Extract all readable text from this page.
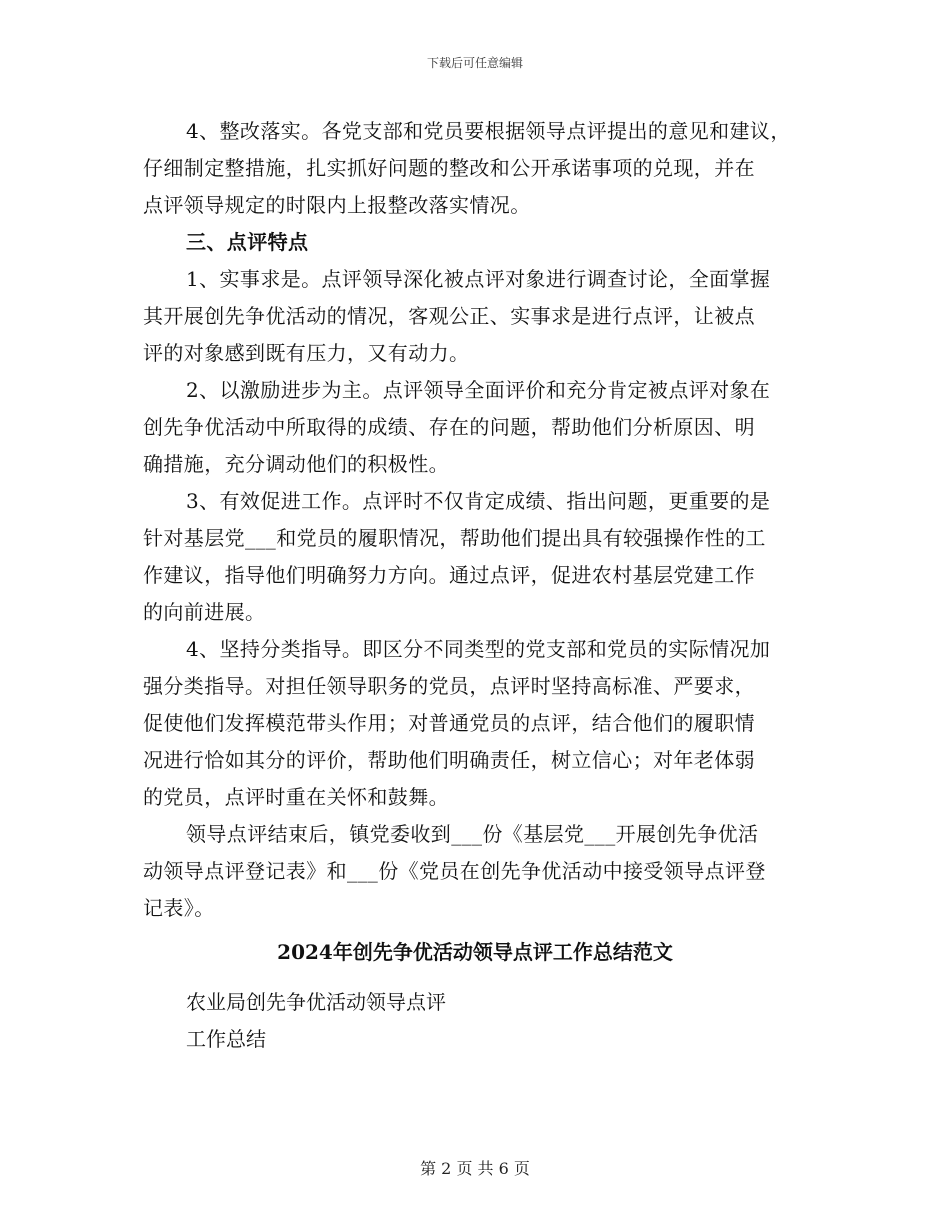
下载后可任意编辑
4、整改落实。各党支部和党员要根据领导点评提出的意见和建议，
仔细制定整措施，扎实抓好问题的整改和公开承诺事项的兑现，并在
点评领导规定的时限内上报整改落实情况。
三、点评特点
1、实事求是。点评领导深化被点评对象进行调查讨论，全面掌握
其开展创先争优活动的情况，客观公正、实事求是进行点评，让被点
评的对象感到既有压力，又有动力。
2、以激励进步为主。点评领导全面评价和充分肯定被点评对象在
创先争优活动中所取得的成绩、存在的问题，帮助他们分析原因、明
确措施，充分调动他们的积极性。
3、有效促进工作。点评时不仅肯定成绩、指出问题，更重要的是
针对基层党___和党员的履职情况，帮助他们提出具有较强操作性的工
作建议，指导他们明确努力方向。通过点评，促进农村基层党建工作
的向前进展。
4、坚持分类指导。即区分不同类型的党支部和党员的实际情况加
强分类指导。对担任领导职务的党员，点评时坚持高标准、严要求，
促使他们发挥模范带头作用；对普通党员的点评，结合他们的履职情
况进行恰如其分的评价，帮助他们明确责任，树立信心；对年老体弱
的党员，点评时重在关怀和鼓舞。
领导点评结束后，镇党委收到___份《基层党___开展创先争优活
动领导点评登记表》和___份《党员在创先争优活动中接受领导点评登
记表》。
2024年创先争优活动领导点评工作总结范文
农业局创先争优活动领导点评
工作总结
第 2 页 共 6 页
